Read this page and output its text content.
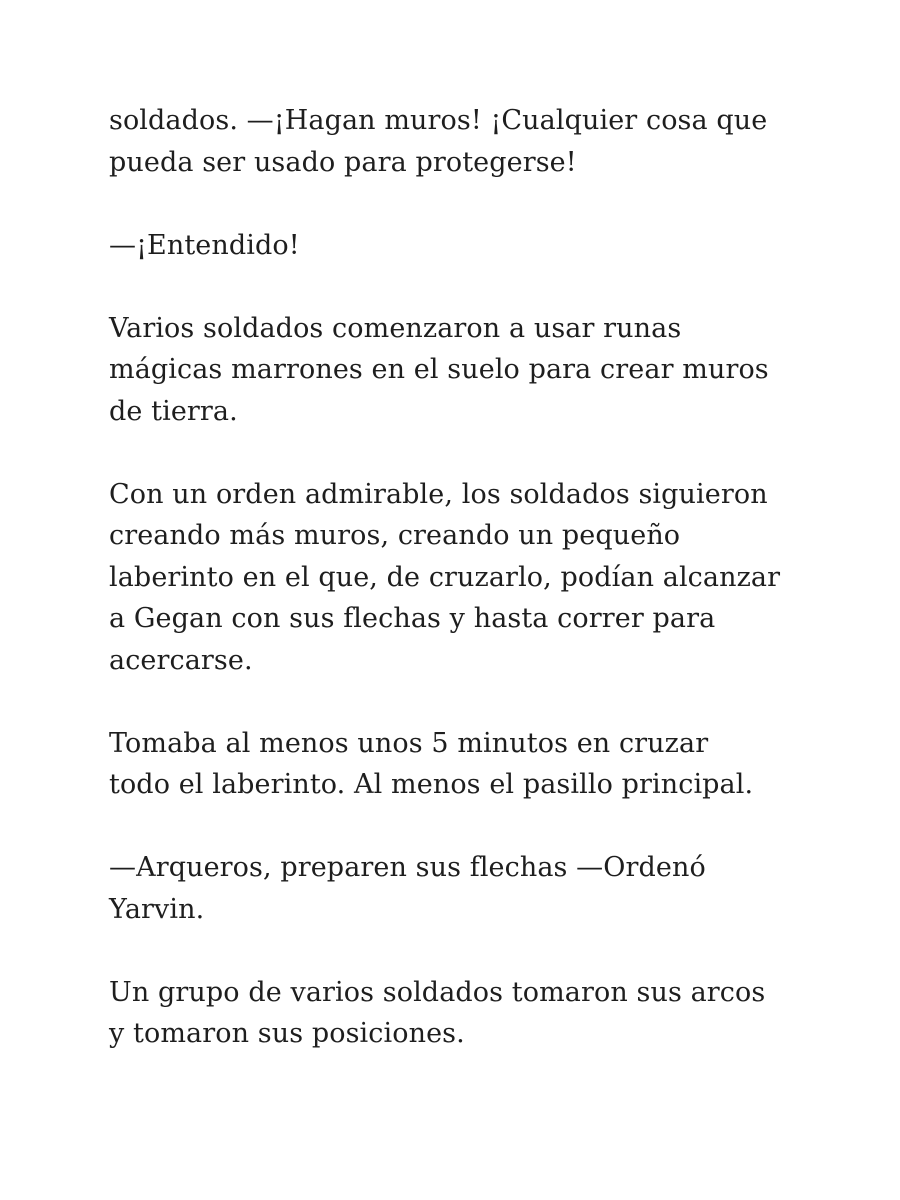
soldados. —¡Hagan muros! ¡Cualquier cosa que
pueda ser usado para protegerse!

—¡Entendido!

Varios soldados comenzaron a usar runas
mágicas marrones en el suelo para crear muros
de tierra.

Con un orden admirable, los soldados siguieron
creando más muros, creando un pequeño
laberinto en el que, de cruzarlo, podían alcanzar
a Gegan con sus flechas y hasta correr para
acercarse.

Tomaba al menos unos 5 minutos en cruzar
todo el laberinto. Al menos el pasillo principal.

—Arqueros, preparen sus flechas —Ordenó
Yarvin.

Un grupo de varios soldados tomaron sus arcos
y tomaron sus posiciones.
